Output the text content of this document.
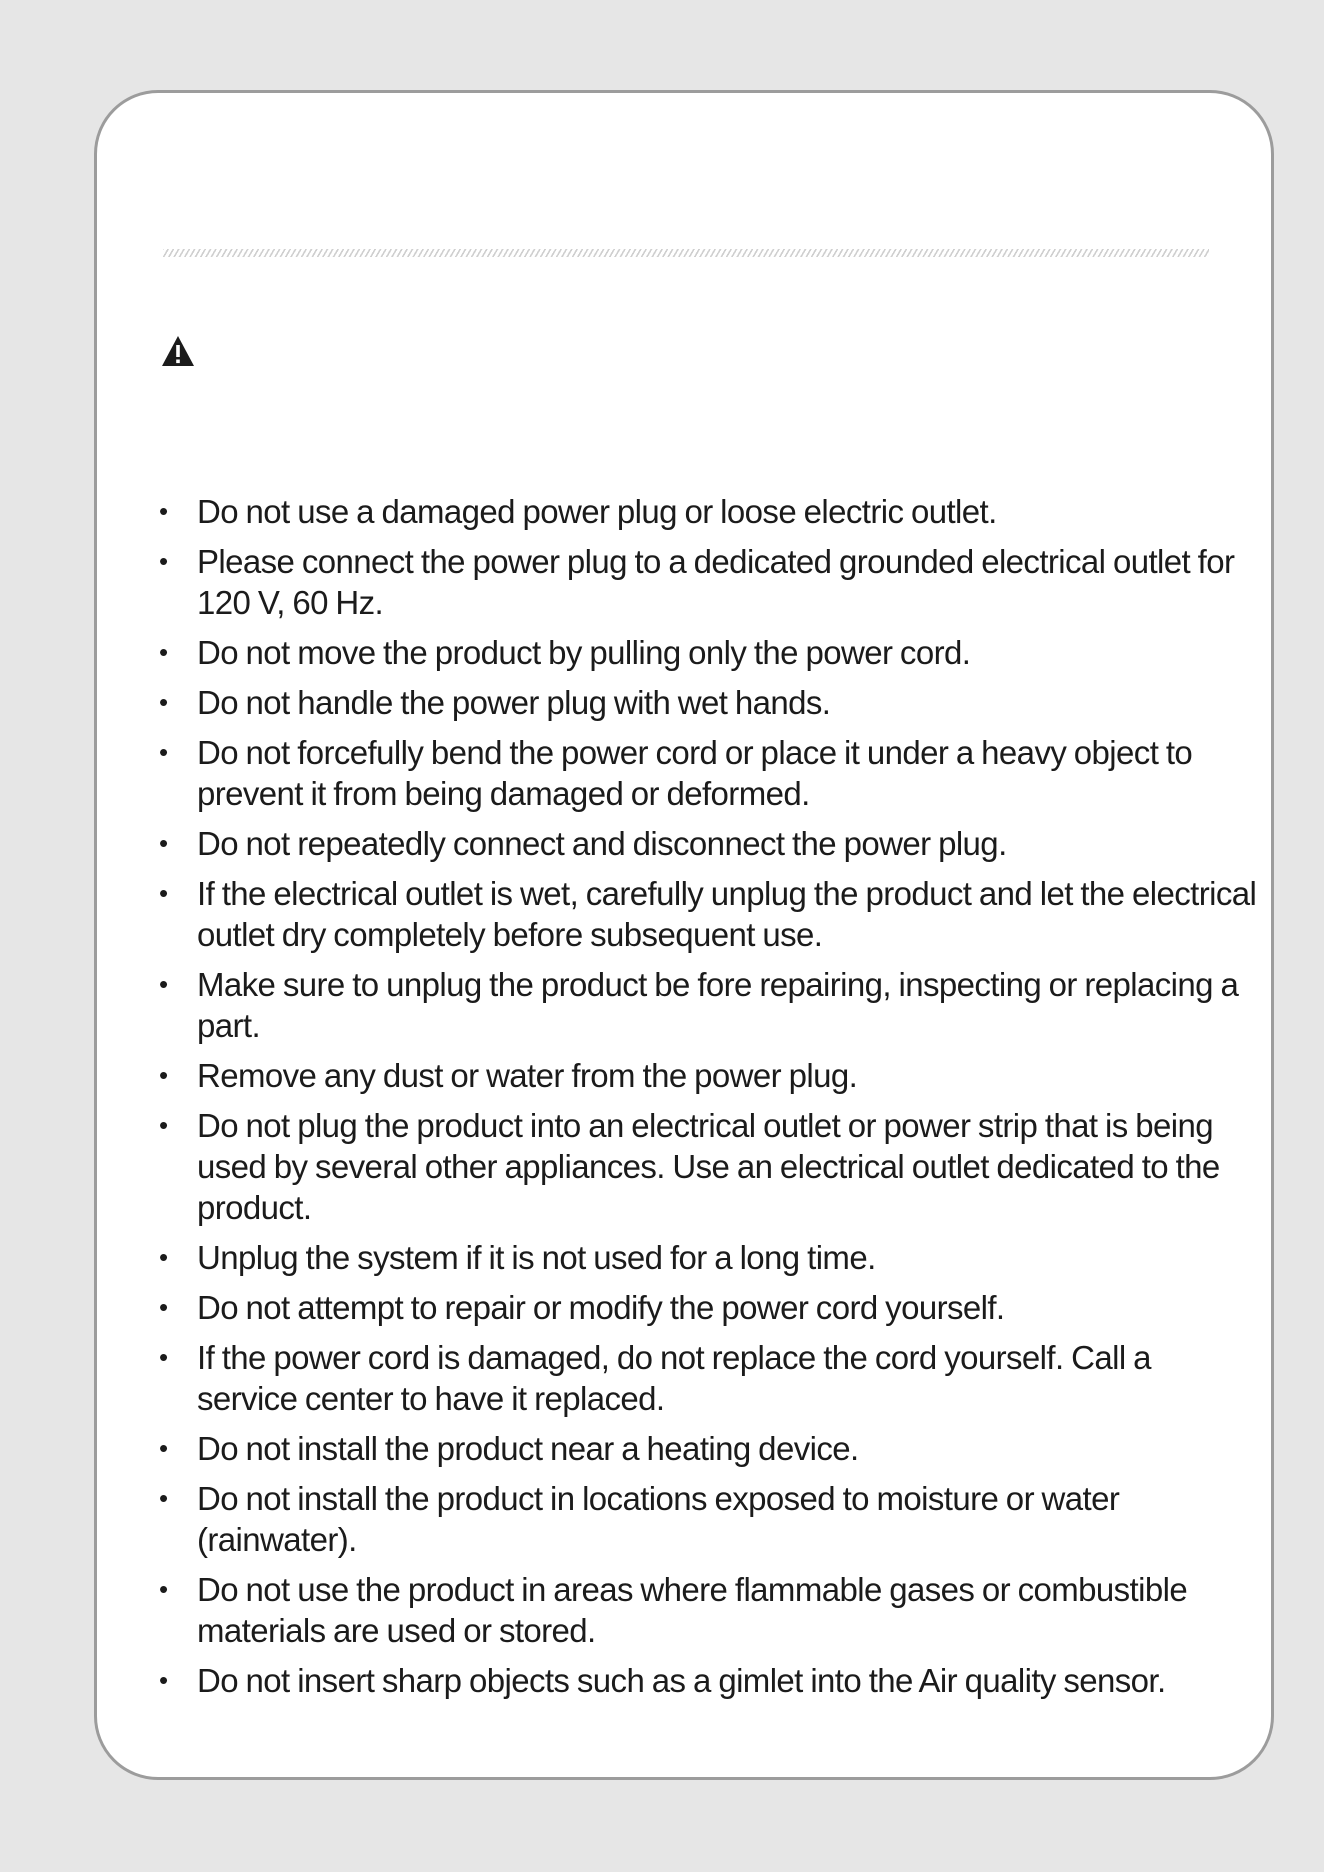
• Do not use a damaged power plug or loose electric outlet.
• Please connect the power plug to a dedicated grounded electrical outlet for 120 V, 60 Hz.
• Do not move the product by pulling only the power cord.
• Do not handle the power plug with wet hands.
• Do not forcefully bend the power cord or place it under a heavy object to prevent it from being damaged or deformed.
• Do not repeatedly connect and disconnect the power plug.
• If the electrical outlet is wet, carefully unplug the product and let the electrical outlet dry completely before subsequent use.
• Make sure to unplug the product be fore repairing, inspecting or replacing a part.
• Remove any dust or water from the power plug.
• Do not plug the product into an electrical outlet or power strip that is being used by several other appliances. Use an electrical outlet dedicated to the product.
• Unplug the system if it is not used for a long time.
• Do not attempt to repair or modify the power cord yourself.
• If the power cord is damaged, do not replace the cord yourself. Call a service center to have it replaced.
• Do not install the product near a heating device.
• Do not install the product in locations exposed to moisture or water (rainwater).
• Do not use the product in areas where flammable gases or combustible materials are used or stored.
• Do not insert sharp objects such as a gimlet into the Air quality sensor.
